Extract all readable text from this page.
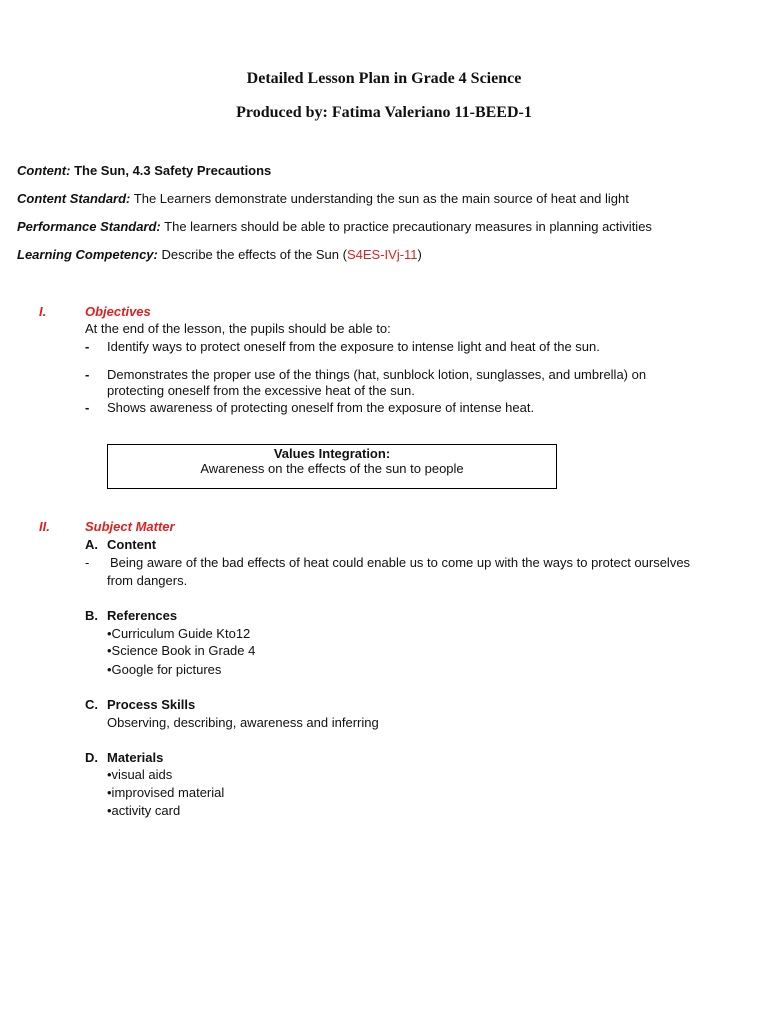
Detailed Lesson Plan in Grade 4 Science
Produced by: Fatima Valeriano 11-BEED-1
Content: The Sun, 4.3 Safety Precautions
Content Standard: The Learners demonstrate understanding the sun as the main source of heat and light
Performance Standard: The learners should be able to practice precautionary measures in planning activities
Learning Competency: Describe the effects of the Sun (S4ES-IVj-11)
I.	Objectives
At the end of the lesson, the pupils should be able to:
- Identify ways to protect oneself from the exposure to intense light and heat of the sun.
- Demonstrates the proper use of the things (hat, sunblock lotion, sunglasses, and umbrella) on
protecting oneself from the excessive heat of the sun.
- Shows awareness of protecting oneself from the exposure of intense heat.
Values Integration:
Awareness on the effects of the sun to people
II.	Subject Matter
A. Content
- Being aware of the bad effects of heat could enable us to come up with the ways to protect ourselves
from dangers.
B. References
•Curriculum Guide Kto12
•Science Book in Grade 4
•Google for pictures
C. Process Skills
Observing, describing, awareness and inferring
D. Materials
•visual aids
•improvised material
•activity card
